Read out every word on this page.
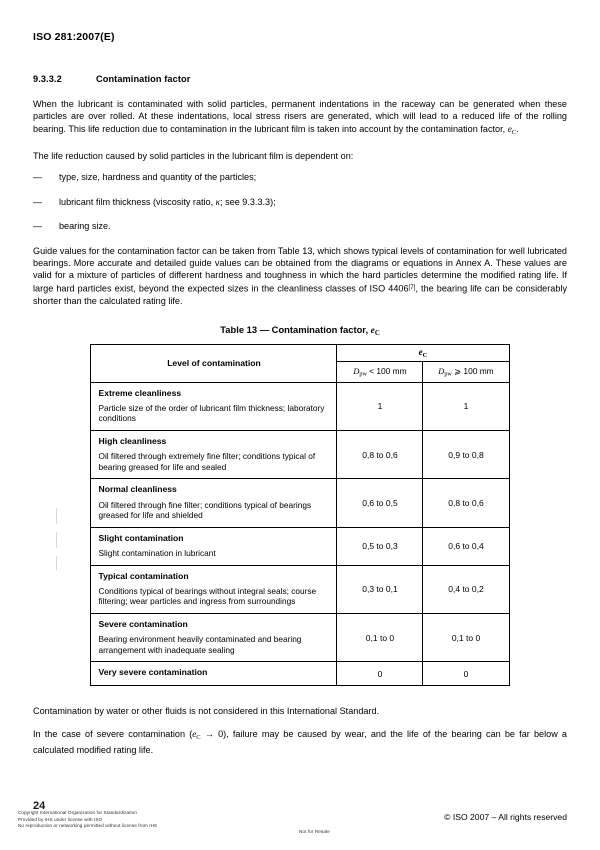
ISO 281:2007(E)
9.3.3.2	Contamination factor

When the lubricant is contaminated with solid particles, permanent indentations in the raceway can be generated when these particles are over rolled. At these indentations, local stress risers are generated, which will lead to a reduced life of the rolling bearing. This life reduction due to contamination in the lubricant film is taken into account by the contamination factor, $e_C$.

The life reduction caused by solid particles in the lubricant film is dependent on:

—	type, size, hardness and quantity of the particles;
—	lubricant film thickness (viscosity ratio, κ; see 9.3.3.3);
—	bearing size.

Guide values for the contamination factor can be taken from Table 13, which shows typical levels of contamination for well lubricated bearings. More accurate and detailed guide values can be obtained from the diagrams or equations in Annex A. These values are valid for a mixture of particles of different hardness and toughness in which the hard particles determine the modified rating life. If large hard particles exist, beyond the expected sizes in the cleanliness classes of ISO 4406[7], the bearing life can be considerably shorter than the calculated rating life.

Table 13 — Contamination factor, $e_C$
Level of contamination	$e_C$
	$D_{pw} < 100$ mm	$D_{pw}$ ⩾ 100 mm

Extreme cleanliness
Particle size of the order of lubricant film thickness; laboratory conditions	1	1

High cleanliness
Oil filtered through extremely fine filter; conditions typical of bearing greased for life and sealed	0,8 to 0,6	0,9 to 0,8

Normal cleanliness
Oil filtered through fine filter; conditions typical of bearings greased for life and shielded	0,6 to 0,5	0,8 to 0,6

Slight contamination
Slight contamination in lubricant	0,5 to 0,3	0,6 to 0,4

Typical contamination
Conditions typical of bearings without integral seals; course filtering; wear particles and ingress from surroundings	0,3 to 0,1	0,4 to 0,2

Severe contamination
Bearing environment heavily contaminated and bearing arrangement with inadequate sealing	0,1 to 0	0,1 to 0

Very severe contamination	0	0

Contamination by water or other fluids is not considered in this International Standard.

In the case of severe contamination $(e_C \to 0)$, failure may be caused by wear, and the life of the bearing can be far below a calculated modified rating life.

24
© ISO 2007 – All rights reserved
Copyright International Organization for Standardization
Provided by IHS under license with ISO
No reproduction or networking permitted without license from IHS
Not for Resale
